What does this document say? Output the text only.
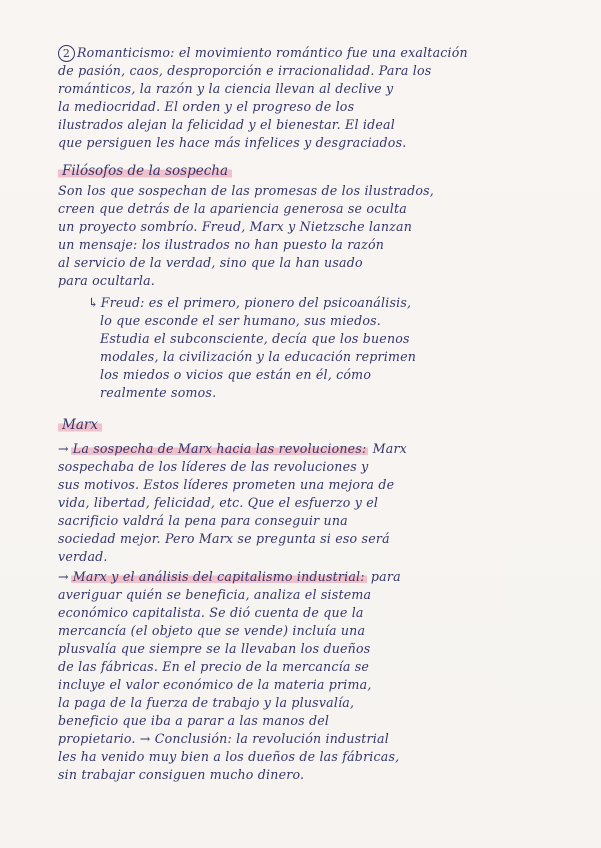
2 Romanticismo: el movimiento romántico fue una exaltación
de pasión, caos, desproporción e irracionalidad. Para los
románticos, la razón y la ciencia llevan al declive y
la mediocridad. El orden y el progreso de los
ilustrados alejan la felicidad y el bienestar. El ideal
que persiguen les hace más infelices y desgraciados.
Filósofos de la sospecha
Son los que sospechan de las promesas de los ilustrados,
creen que detrás de la apariencia generosa se oculta
un proyecto sombrío. Freud, Marx y Nietzsche lanzan
un mensaje: los ilustrados no han puesto la razón
al servicio de la verdad, sino que la han usado
para ocultarla.
↳ Freud: es el primero, pionero del psicoanálisis,
lo que esconde el ser humano, sus miedos.
Estudia el subconsciente, decía que los buenos
modales, la civilización y la educación reprimen
los miedos o vicios que están en él, cómo
realmente somos.
Marx
→ La sospecha de Marx hacia las revoluciones: Marx
sospechaba de los líderes de las revoluciones y
sus motivos. Estos líderes prometen una mejora de
vida, libertad, felicidad, etc. Que el esfuerzo y el
sacrificio valdrá la pena para conseguir una
sociedad mejor. Pero Marx se pregunta si eso será
verdad.
→ Marx y el análisis del capitalismo industrial: para
averiguar quién se beneficia, analiza el sistema
económico capitalista. Se dió cuenta de que la
mercancía (el objeto que se vende) incluía una
plusvalía que siempre se la llevaban los dueños
de las fábricas. En el precio de la mercancía se
incluye el valor económico de la materia prima,
la paga de la fuerza de trabajo y la plusvalía,
beneficio que iba a parar a las manos del
propietario. → Conclusión: la revolución industrial
les ha venido muy bien a los dueños de las fábricas,
sin trabajar consiguen mucho dinero.
